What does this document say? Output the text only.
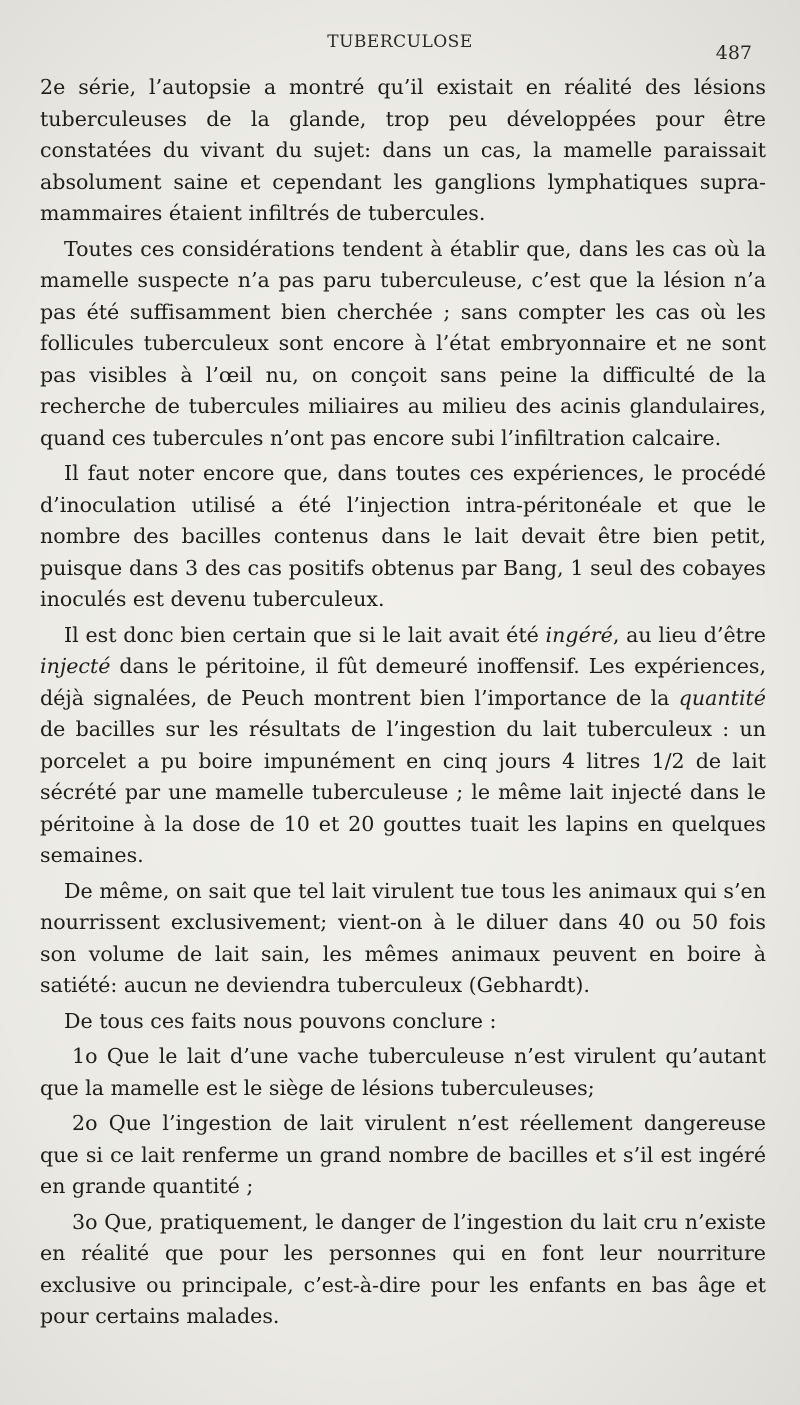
TUBERCULOSE	487

2e série, l’autopsie a montré qu’il existait en réalité des lésions tuberculeuses de la glande, trop peu développées pour être constatées du vivant du sujet: dans un cas, la mamelle paraissait absolument saine et cependant les ganglions lymphatiques supra-mammaires étaient infiltrés de tubercules.

Toutes ces considérations tendent à établir que, dans les cas où la mamelle suspecte n’a pas paru tuberculeuse, c’est que la lésion n’a pas été suffisamment bien cherchée ; sans compter les cas où les follicules tuberculeux sont encore à l’état embryonnaire et ne sont pas visibles à l’œil nu, on conçoit sans peine la difficulté de la recherche de tubercules miliaires au milieu des acinis glandulaires, quand ces tubercules n’ont pas encore subi l’infiltration calcaire.

Il faut noter encore que, dans toutes ces expériences, le procédé d’inoculation utilisé a été l’injection intra-péritonéale et que le nombre des bacilles contenus dans le lait devait être bien petit, puisque dans 3 des cas positifs obtenus par Bang, 1 seul des cobayes inoculés est devenu tuberculeux.

Il est donc bien certain que si le lait avait été ingéré, au lieu d’être injecté dans le péritoine, il fût demeuré inoffensif. Les expériences, déjà signalées, de Peuch montrent bien l’importance de la quantité de bacilles sur les résultats de l’ingestion du lait tuberculeux : un porcelet a pu boire impunément en cinq jours 4 litres 1/2 de lait sécrété par une mamelle tuberculeuse ; le même lait injecté dans le péritoine à la dose de 10 et 20 gouttes tuait les lapins en quelques semaines.

De même, on sait que tel lait virulent tue tous les animaux qui s’en nourrissent exclusivement; vient-on à le diluer dans 40 ou 50 fois son volume de lait sain, les mêmes animaux peuvent en boire à satiété: aucun ne deviendra tuberculeux (Gebhardt).

De tous ces faits nous pouvons conclure :

1o Que le lait d’une vache tuberculeuse n’est virulent qu’autant que la mamelle est le siège de lésions tuberculeuses;

2o Que l’ingestion de lait virulent n’est réellement dangereuse que si ce lait renferme un grand nombre de bacilles et s’il est ingéré en grande quantité ;

3o Que, pratiquement, le danger de l’ingestion du lait cru n’existe en réalité que pour les personnes qui en font leur nourriture exclusive ou principale, c’est-à-dire pour les enfants en bas âge et pour certains malades.
